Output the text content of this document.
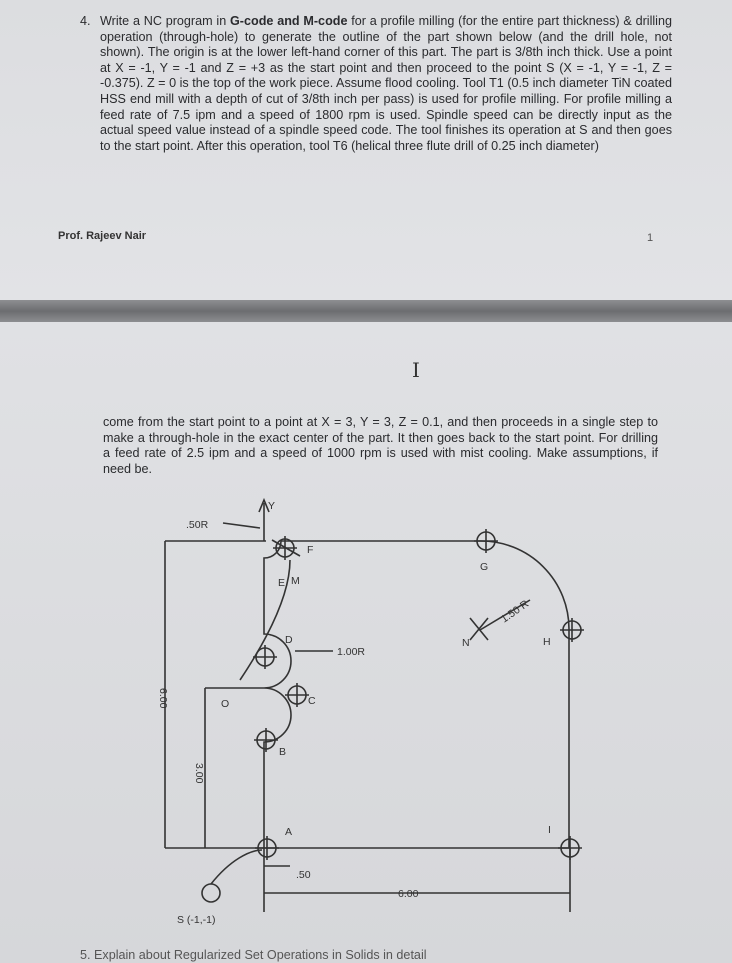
4. Write a NC program in G-code and M-code for a profile milling (for the entire part thickness) & drilling operation (through-hole) to generate the outline of the part shown below (and the drill hole, not shown). The origin is at the lower left-hand corner of this part. The part is 3/8th inch thick. Use a point at X = -1, Y = -1 and Z = +3 as the start point and then proceed to the point S (X = -1, Y = -1, Z = -0.375). Z = 0 is the top of the work piece. Assume flood cooling. Tool T1 (0.5 inch diameter TiN coated HSS end mill with a depth of cut of 3/8th inch per pass) is used for profile milling. For profile milling a feed rate of 7.5 ipm and a speed of 1800 rpm is used. Spindle speed can be directly input as the actual speed value instead of a spindle speed code. The tool finishes its operation at S and then goes to the start point. After this operation, tool T6 (helical three flute drill of 0.25 inch diameter)
Prof. Rajeev Nair	1
I
come from the start point to a point at X = 3, Y = 3, Z = 0.1, and then proceeds in a single step to make a through-hole in the exact center of the part. It then goes back to the start point. For drilling a feed rate of 2.5 ipm and a speed of 1000 rpm is used with mist cooling. Make assumptions, if need be.
Y
.50R
F
E M
G
1.50 R
N	H
D
1.00R
6.00	O	C
3.00
B
A	I
.50
6.00
S (-1,-1)
5. Explain about Regularized Set Operations in Solids in detail
